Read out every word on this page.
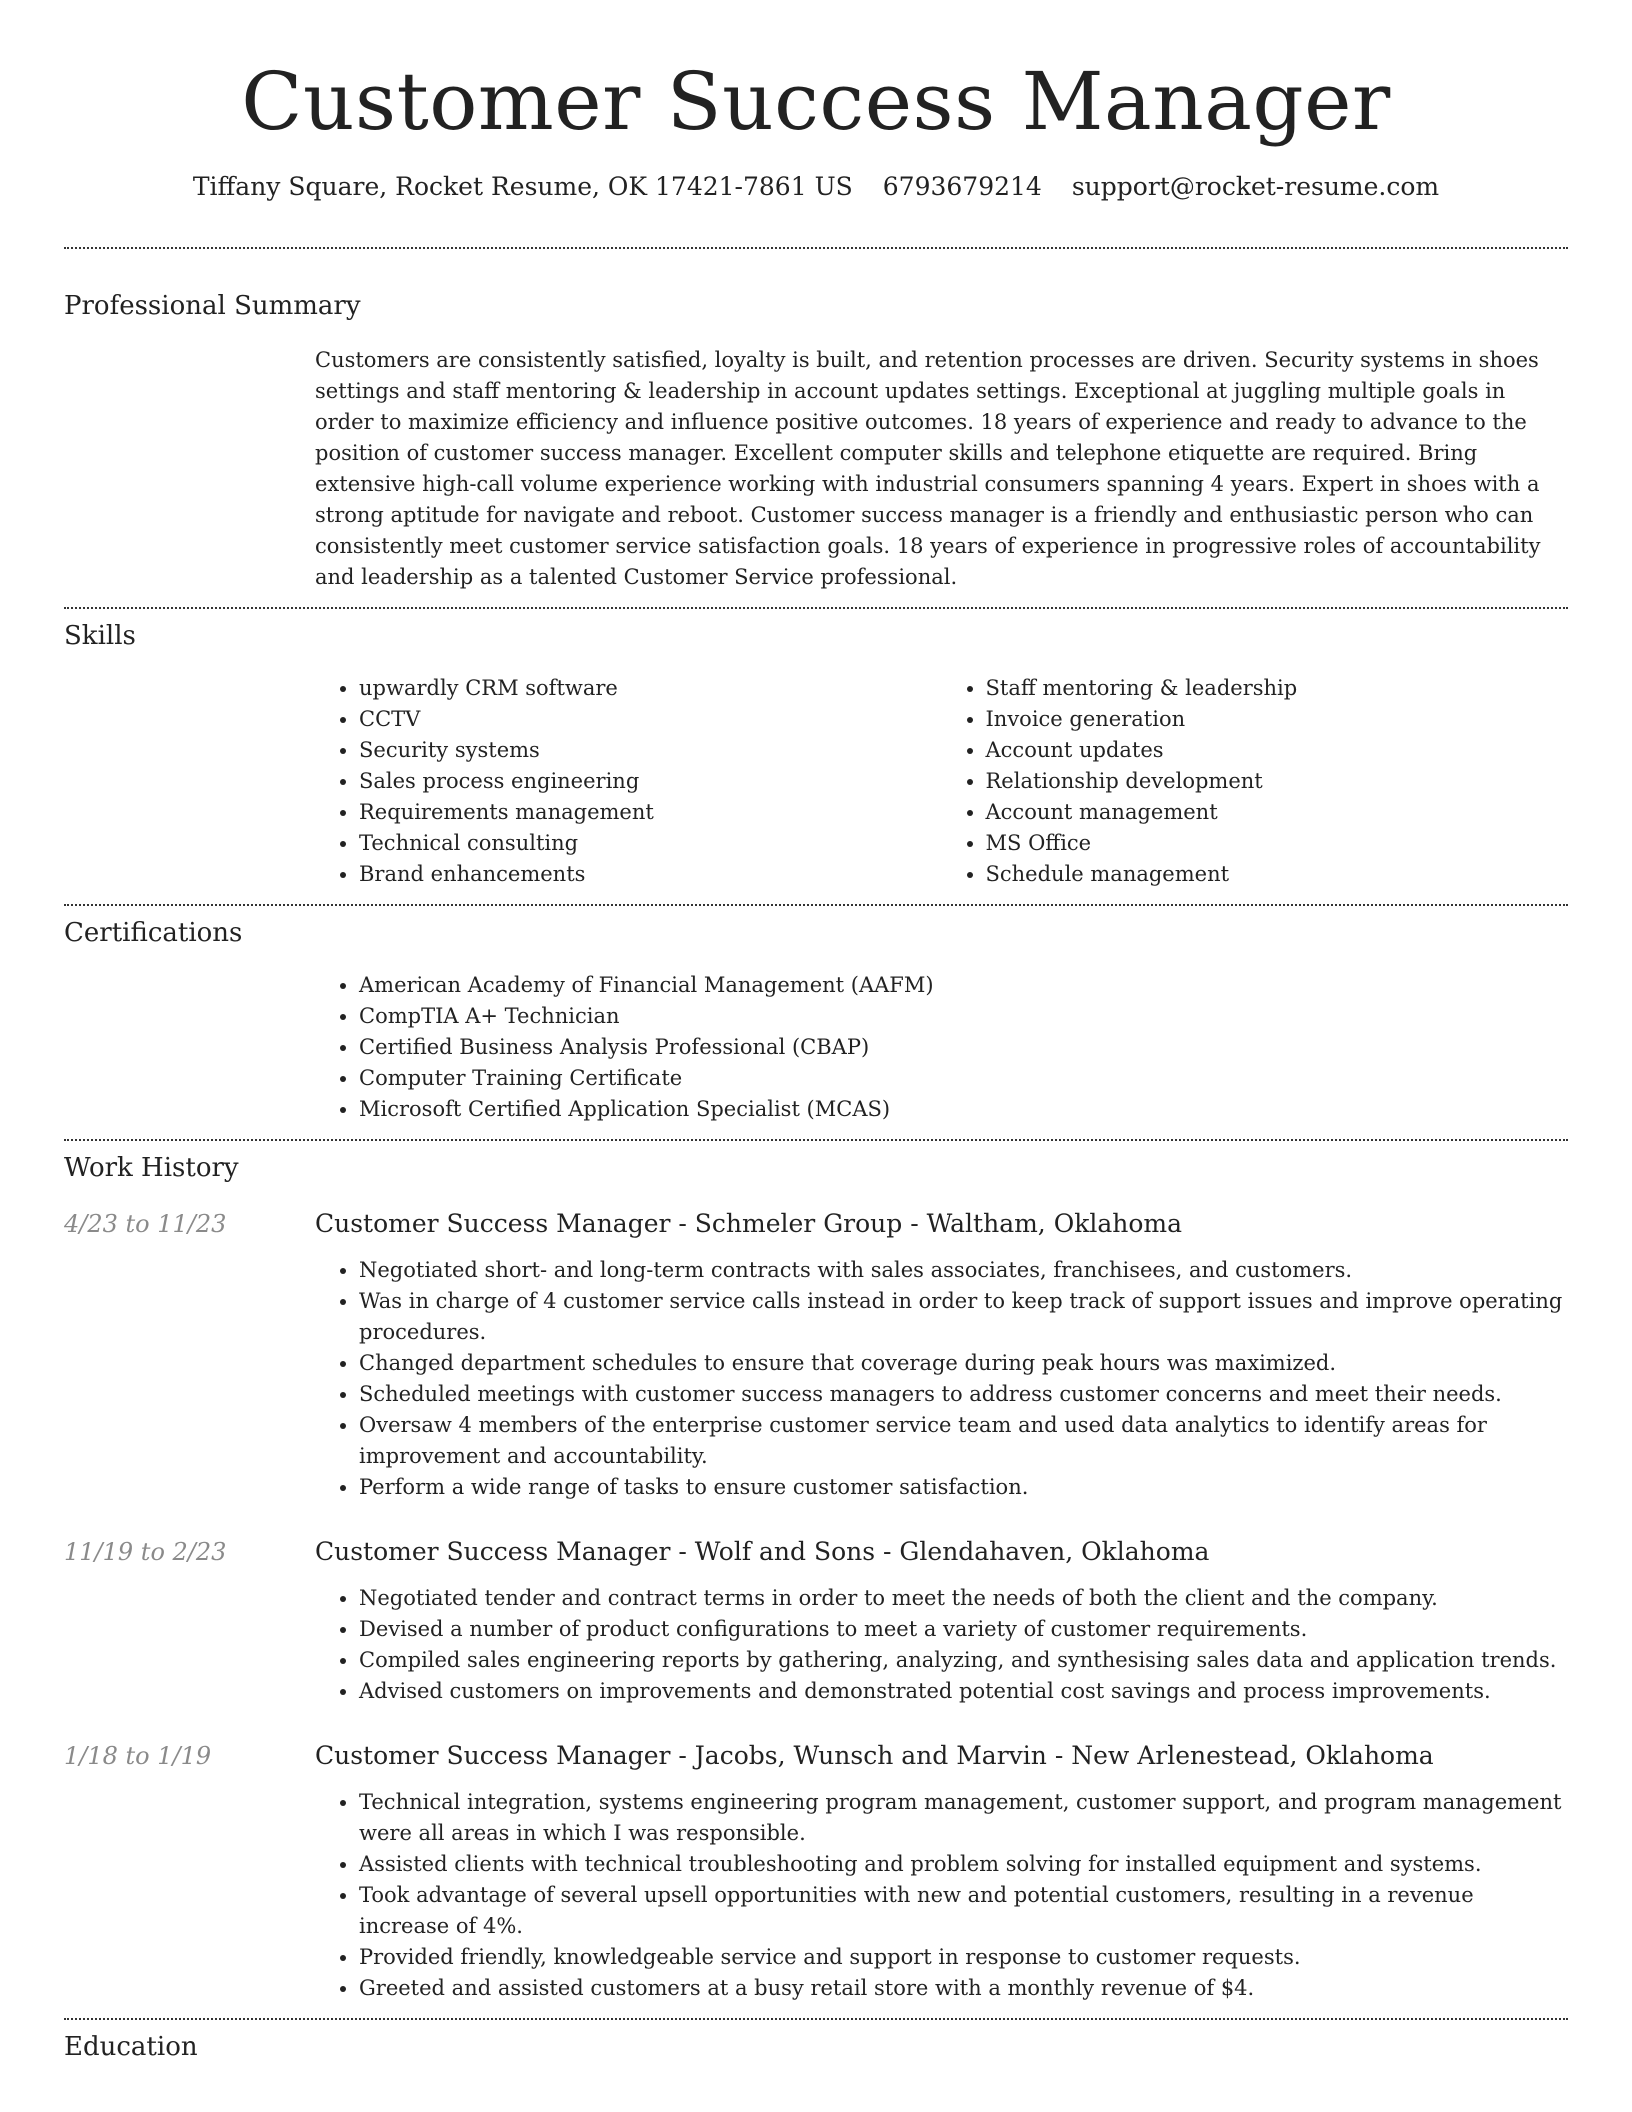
Customer Success Manager
Tiffany Square, Rocket Resume, OK 17421-7861 US 6793679214 support@rocket-resume.com
Professional Summary

Customers are consistently satisfied, loyalty is built, and retention processes are driven. Security systems in shoes settings and staff mentoring & leadership in account updates settings. Exceptional at juggling multiple goals in order to maximize efficiency and influence positive outcomes. 18 years of experience and ready to advance to the position of customer success manager. Excellent computer skills and telephone etiquette are required. Bring extensive high-call volume experience working with industrial consumers spanning 4 years. Expert in shoes with a strong aptitude for navigate and reboot. Customer success manager is a friendly and enthusiastic person who can consistently meet customer service satisfaction goals. 18 years of experience in progressive roles of accountability and leadership as a talented Customer Service professional.

Skills
• upwardly CRM software
• CCTV
• Security systems
• Sales process engineering
• Requirements management
• Technical consulting
• Brand enhancements
• Staff mentoring & leadership
• Invoice generation
• Account updates
• Relationship development
• Account management
• MS Office
• Schedule management
Certifications
• American Academy of Financial Management (AAFM)
• CompTIA A+ Technician
• Certified Business Analysis Professional (CBAP)
• Computer Training Certificate
• Microsoft Certified Application Specialist (MCAS)
Work History
4/23 to 11/23	Customer Success Manager - Schmeler Group - Waltham, Oklahoma
• Negotiated short- and long-term contracts with sales associates, franchisees, and customers.
• Was in charge of 4 customer service calls instead in order to keep track of support issues and improve operating procedures.
• Changed department schedules to ensure that coverage during peak hours was maximized.
• Scheduled meetings with customer success managers to address customer concerns and meet their needs.
• Oversaw 4 members of the enterprise customer service team and used data analytics to identify areas for improvement and accountability.
• Perform a wide range of tasks to ensure customer satisfaction.
11/19 to 2/23	Customer Success Manager - Wolf and Sons - Glendahaven, Oklahoma
• Negotiated tender and contract terms in order to meet the needs of both the client and the company.
• Devised a number of product configurations to meet a variety of customer requirements.
• Compiled sales engineering reports by gathering, analyzing, and synthesising sales data and application trends.
• Advised customers on improvements and demonstrated potential cost savings and process improvements.
1/18 to 1/19	Customer Success Manager - Jacobs, Wunsch and Marvin - New Arlenestead, Oklahoma
• Technical integration, systems engineering program management, customer support, and program management were all areas in which I was responsible.
• Assisted clients with technical troubleshooting and problem solving for installed equipment and systems.
• Took advantage of several upsell opportunities with new and potential customers, resulting in a revenue increase of 4%.
• Provided friendly, knowledgeable service and support in response to customer requests.
• Greeted and assisted customers at a busy retail store with a monthly revenue of $4.
Education
